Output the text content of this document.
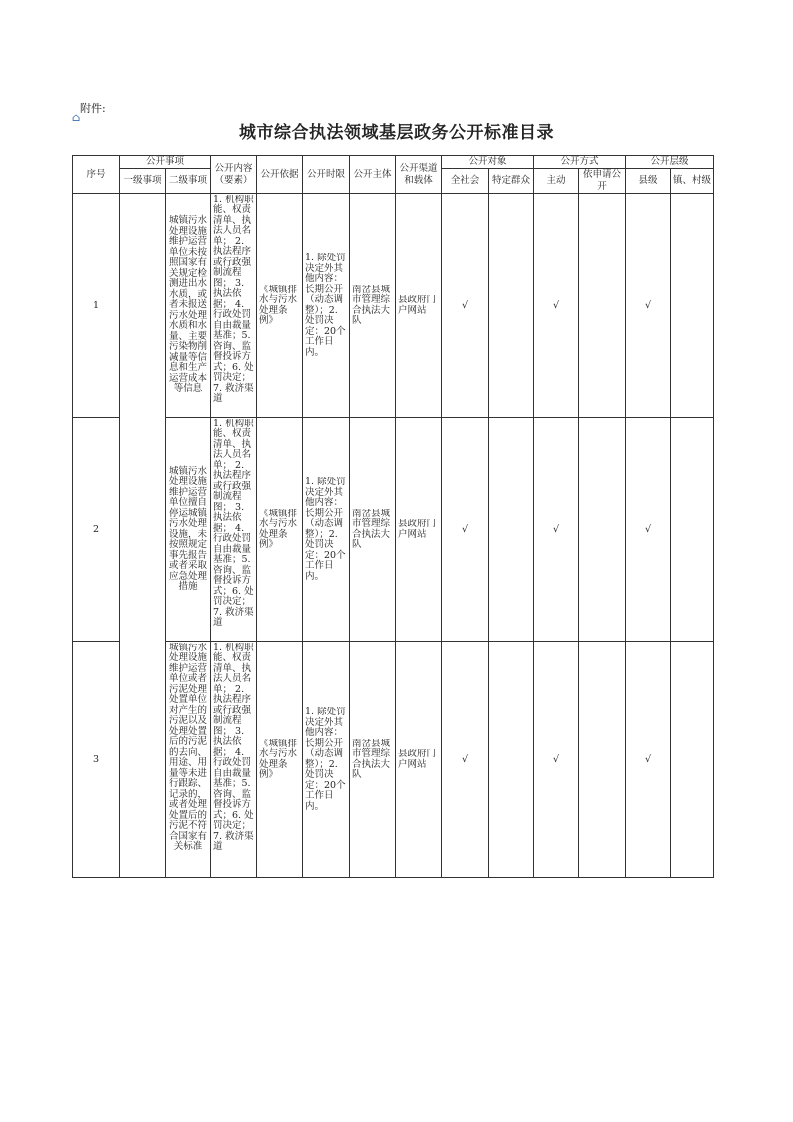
附件:
⌂
城市综合执法领域基层政务公开标准目录
序号	公开事项		公开内容（要素）	公开依据	公开时限	公开主体	公开渠道和载体	公开对象		公开方式		公开层级	
	一级事项	二级事项						全社会	特定群众	主动	依申请公开	县级	镇、村级
1		城镇污水处理设施维护运营单位未按照国家有关规定检测进出水水质，或者未报送污水处理水质和水量、主要污染物削减量等信息和生产运营成本等信息	1. 机构职能、权责清单、执法人员名单； 2. 执法程序或行政强制流程图； 3. 执法依据； 4. 行政处罚自由裁量基准；5. 咨询、监督投诉方式；6. 处罚决定； 7. 救济渠道	《城镇排水与污水处理条例》	1. 除处罚决定外其他内容：长期公开（动态调整）；2. 处罚决定：20个工作日内。	南岔县城市管理综合执法大队	县政府门户网站	√		√		√	
2		城镇污水处理设施维护运营单位擅自停运城镇污水处理设施，未按照规定事先报告或者采取应急处理措施	1. 机构职能、权责清单、执法人员名单； 2. 执法程序或行政强制流程图； 3. 执法依据； 4. 行政处罚自由裁量基准；5. 咨询、监督投诉方式；6. 处罚决定； 7. 救济渠道	《城镇排水与污水处理条例》	1. 除处罚决定外其他内容：长期公开（动态调整）；2. 处罚决定：20个工作日内。	南岔县城市管理综合执法大队	县政府门户网站	√		√		√	
3		城镇污水处理设施维护运营单位或者污泥处理处置单位对产生的污泥以及处理处置后的污泥的去向、用途、用量等未进行跟踪、记录的，或者处理处置后的污泥不符合国家有关标准	1. 机构职能、权责清单、执法人员名单； 2. 执法程序或行政强制流程图； 3. 执法依据； 4. 行政处罚自由裁量基准；5. 咨询、监督投诉方式；6. 处罚决定； 7. 救济渠道	《城镇排水与污水处理条例》	1. 除处罚决定外其他内容：长期公开（动态调整）；2. 处罚决定：20个工作日内。	南岔县城市管理综合执法大队	县政府门户网站	√		√		√	
